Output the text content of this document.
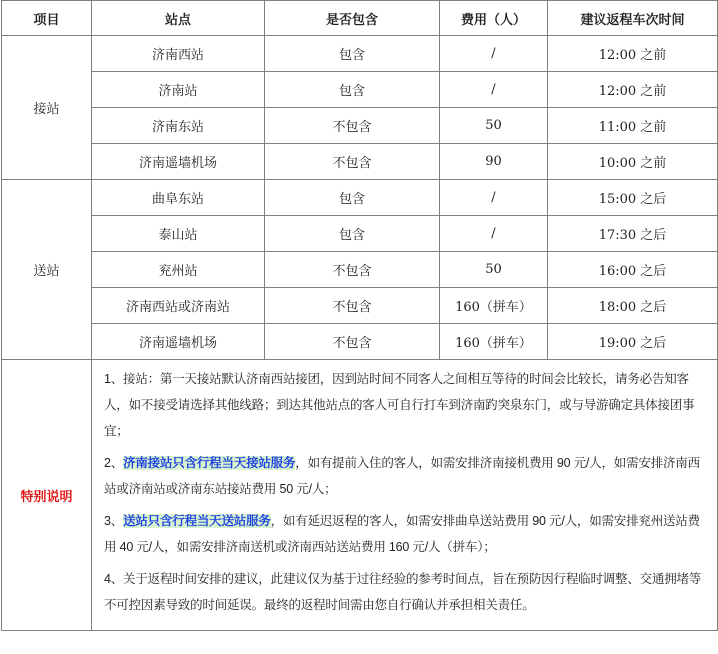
项目	站点	是否包含	费用（人）	建议返程车次时间
接站	济南西站	包含	/	12:00 之前
	济南站	包含	/	12:00 之前
	济南东站	不包含	50	11:00 之前
	济南遥墙机场	不包含	90	10:00 之前
送站	曲阜东站	包含	/	15:00 之后
	泰山站	包含	/	17:30 之后
	兖州站	不包含	50	16:00 之后
	济南西站或济南站	不包含	160（拼车）	18:00 之后
	济南遥墙机场	不包含	160（拼车）	19:00 之后
特别说明	1、接站：第一天接站默认济南西站接团，因到站时间不同客人之间相互等待的时间会比较长，请务必告知客人，如不接受请选择其他线路；到达其他站点的客人可自行打车到济南趵突泉东门，或与导游确定具体接团事宜；

2、济南接站只含行程当天接站服务，如有提前入住的客人，如需安排济南接机费用 90 元/人，如需安排济南西站或济南站或济南东站接站费用 50 元/人；

3、送站只含行程当天送站服务，如有延迟返程的客人，如需安排曲阜送站费用 90 元/人，如需安排兖州送站费用 40 元/人，如需安排济南送机或济南西站送站费用 160 元/人（拼车）；

4、关于返程时间安排的建议，此建议仅为基于过往经验的参考时间点，旨在预防因行程临时调整、交通拥堵等不可控因素导致的时间延误。最终的返程时间需由您自行确认并承担相关责任。			
